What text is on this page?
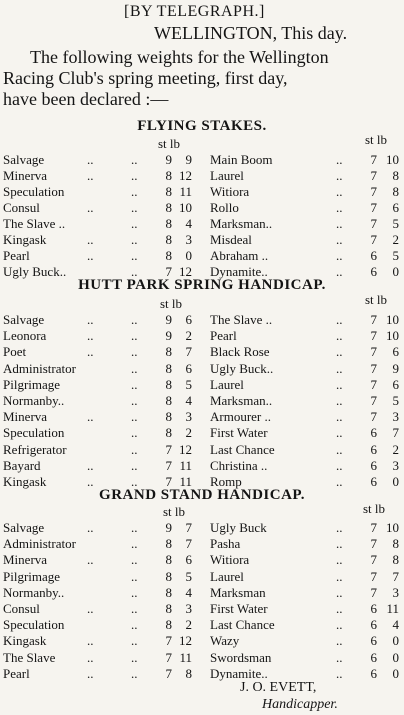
[BY TELEGRAPH.]
WELLINGTON, This day.
The following weights for the Wellington
Racing Club's spring meeting, first day,
have been declared :—
FLYING STAKES.
st lb	st lb
Salvage	..	..	9	9 Main Boom	.. 7 10
Minerva	..	..	8 12 Laurel	.. 7	8
Speculation	..	8 11 Witiora	.. 7	8
Consul	..	..	8 10 Rollo	.. 7	6
The Slave ..	..	8	4 Marksman..	.. 7	5
Kingask	..	..	8	3 Misdeal	.. 7	2
Pearl	..	..	8	0 Abraham ..	.. 6	5
Ugly Buck..	..	7 12 Dynamite..	.. 6	0
HUTT PARK SPRING HANDICAP.
st lb	st lb
Salvage	..	..	9	6 The Slave ..	.. 7 10
Leonora	..	..	9	2 Pearl	.. 7 10
Poet	..	..	8	7 Black Rose	.. 7	6
Administrator	..	8	6 Ugly Buck..	.. 7	9
Pilgrimage	..	8	5 Laurel	.. 7	6
Normanby..	..	8	4 Marksman..	.. 7	5
Minerva	..	..	8	3 Armourer ..	.. 7	3
Speculation	..	8	2 First Water	.. 6	7
Refrigerator	..	7 12 Last Chance	.. 6	2
Bayard	..	..	7 11 Christina ..	.. 6	3
Kingask	..	..	7 11 Romp	.. 6	0
GRAND STAND HANDICAP.
st lb	st lb
Salvage	..	..	9	7 Ugly Buck	.. 7 10
Administrator	..	8	7 Pasha	.. 7	8
Minerva	..	..	8	6 Witiora	.. 7	8
Pilgrimage	..	8	5 Laurel	.. 7	7
Normanby..	..	8	4 Marksman	.. 7	3
Consul	..	..	8	3 First Water	.. 6 11
Speculation	..	8	2 Last Chance	.. 6	4
Kingask	..	..	7 12 Wazy	.. 6	0
The Slave ..	..	7 11 Swordsman	.. 6	0
Pearl	..	..	7	8 Dynamite..	.. 6	0
J. O. EVETT,
Handicapper.
